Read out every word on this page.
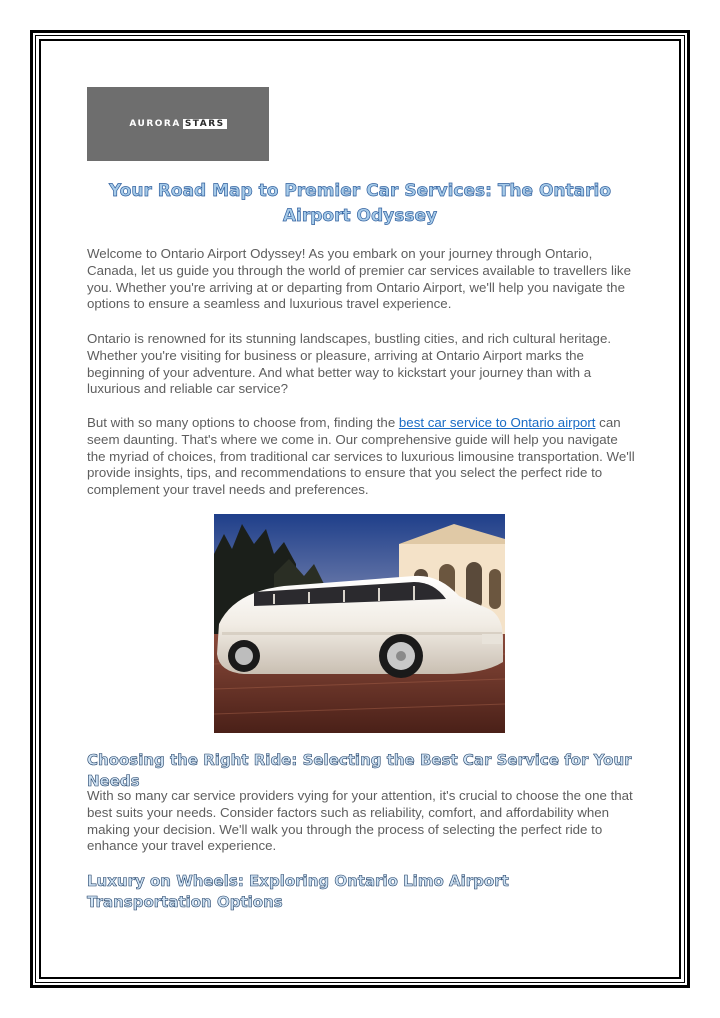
AURORA STARS
Your Road Map to Premier Car Services: The Ontario Airport Odyssey

Welcome to Ontario Airport Odyssey! As you embark on your journey through Ontario, Canada, let us guide you through the world of premier car services available to travellers like you. Whether you're arriving at or departing from Ontario Airport, we'll help you navigate the options to ensure a seamless and luxurious travel experience.

Ontario is renowned for its stunning landscapes, bustling cities, and rich cultural heritage. Whether you're visiting for business or pleasure, arriving at Ontario Airport marks the beginning of your adventure. And what better way to kickstart your journey than with a luxurious and reliable car service?

But with so many options to choose from, finding the best car service to Ontario airport can seem daunting. That's where we come in. Our comprehensive guide will help you navigate the myriad of choices, from traditional car services to luxurious limousine transportation. We'll provide insights, tips, and recommendations to ensure that you select the perfect ride to complement your travel needs and preferences.

Choosing the Right Ride: Selecting the Best Car Service for Your Needs

With so many car service providers vying for your attention, it's crucial to choose the one that best suits your needs. Consider factors such as reliability, comfort, and affordability when making your decision. We'll walk you through the process of selecting the perfect ride to enhance your travel experience.

Luxury on Wheels: Exploring Ontario Limo Airport Transportation Options
